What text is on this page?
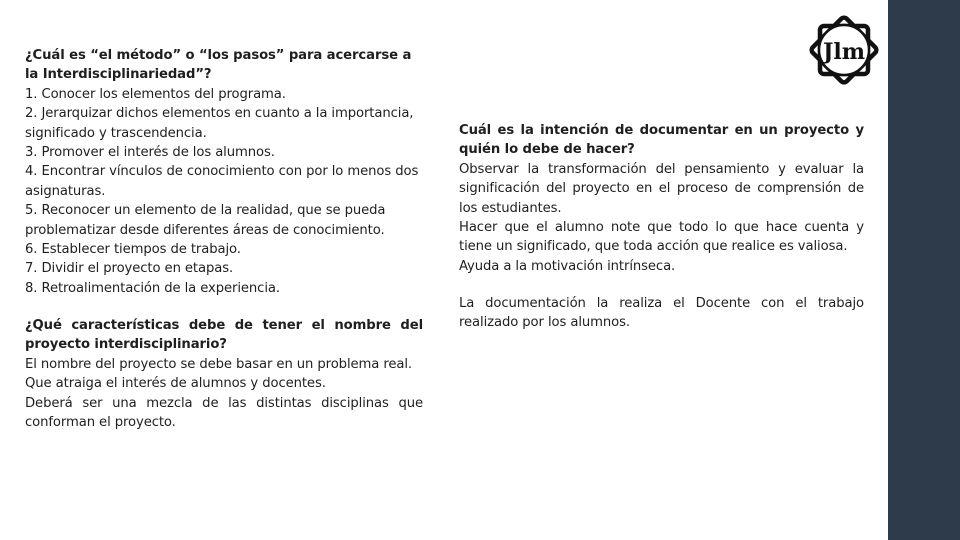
Jlm

¿Cuál es “el método” o “los pasos” para acercarse a la Interdisciplinariedad”?

1. Conocer los elementos del programa.

2. Jerarquizar dichos elementos en cuanto a la importancia, significado y trascendencia.

3. Promover el interés de los alumnos.

4. Encontrar vínculos de conocimiento con por lo menos dos asignaturas.

5. Reconocer un elemento de la realidad, que se pueda problematizar desde diferentes áreas de conocimiento.

6. Establecer tiempos de trabajo.

7. Dividir el proyecto en etapas.

8. Retroalimentación de la experiencia.

¿Qué características debe de tener el nombre del proyecto interdisciplinario?

El nombre del proyecto se debe basar en un problema real.

Que atraiga el interés de alumnos y docentes.

Deberá ser una mezcla de las distintas disciplinas que conforman el proyecto.

Cuál es la intención de documentar en un proyecto y quién lo debe de hacer?

Observar la transformación del pensamiento y evaluar la significación del proyecto en el proceso de comprensión de los estudiantes.

Hacer que el alumno note que todo lo que hace cuenta y tiene un significado, que toda acción que realice es valiosa.

Ayuda a la motivación intrínseca.

La documentación la realiza el Docente con el trabajo realizado por los alumnos.
